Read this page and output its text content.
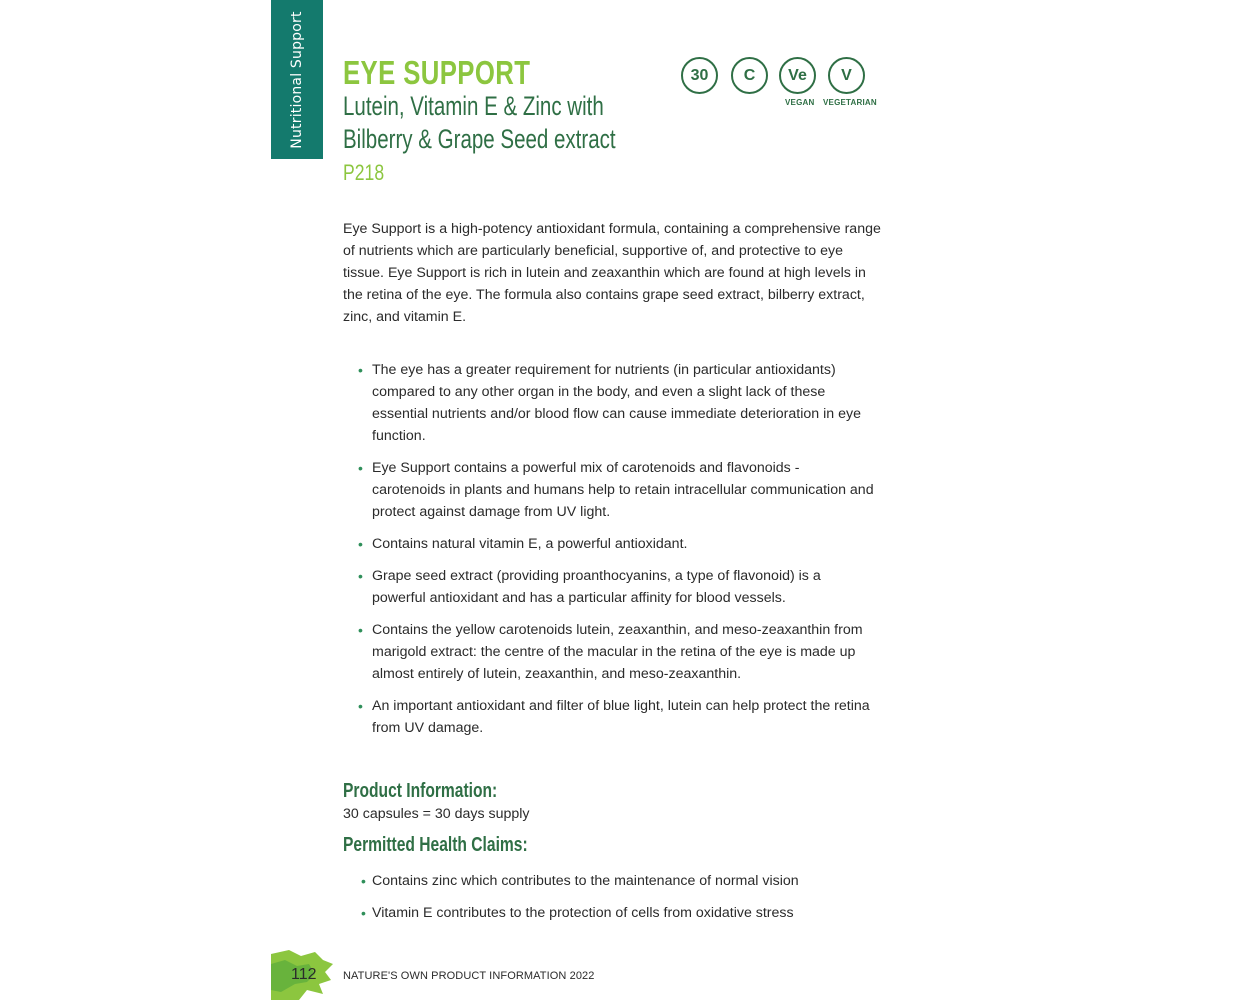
Nutritional Support EYE SUPPORT
Lutein, Vitamin E & Zinc with
Bilberry & Grape Seed extract
P218
30	C	Ve
VEGAN
V
VEGETARIAN

Eye Support is a high-potency antioxidant formula, containing a comprehensive range of nutrients which are particularly beneficial, supportive of, and protective to eye tissue. Eye Support is rich in lutein and zeaxanthin which are found at high levels in the retina of the eye. The formula also contains grape seed extract, bilberry extract, zinc, and vitamin E.

• The eye has a greater requirement for nutrients (in particular antioxidants) compared to any other organ in the body, and even a slight lack of these essential nutrients and/or blood flow can cause immediate deterioration in eye function.
• Eye Support contains a powerful mix of carotenoids and flavonoids - carotenoids in plants and humans help to retain intracellular communication and protect against damage from UV light.
• Contains natural vitamin E, a powerful antioxidant.
• Grape seed extract (providing proanthocyanins, a type of flavonoid) is a powerful antioxidant and has a particular affinity for blood vessels.
• Contains the yellow carotenoids lutein, zeaxanthin, and meso-zeaxanthin from marigold extract: the centre of the macular in the retina of the eye is made up almost entirely of lutein, zeaxanthin, and meso-zeaxanthin.
• An important antioxidant and filter of blue light, lutein can help protect the retina from UV damage.
Product Information:
30 capsules = 30 days supply
Permitted Health Claims:
• Contains zinc which contributes to the maintenance of normal vision
• Vitamin E contributes to the protection of cells from oxidative stress
112 NATURE'S OWN PRODUCT INFORMATION 2022
